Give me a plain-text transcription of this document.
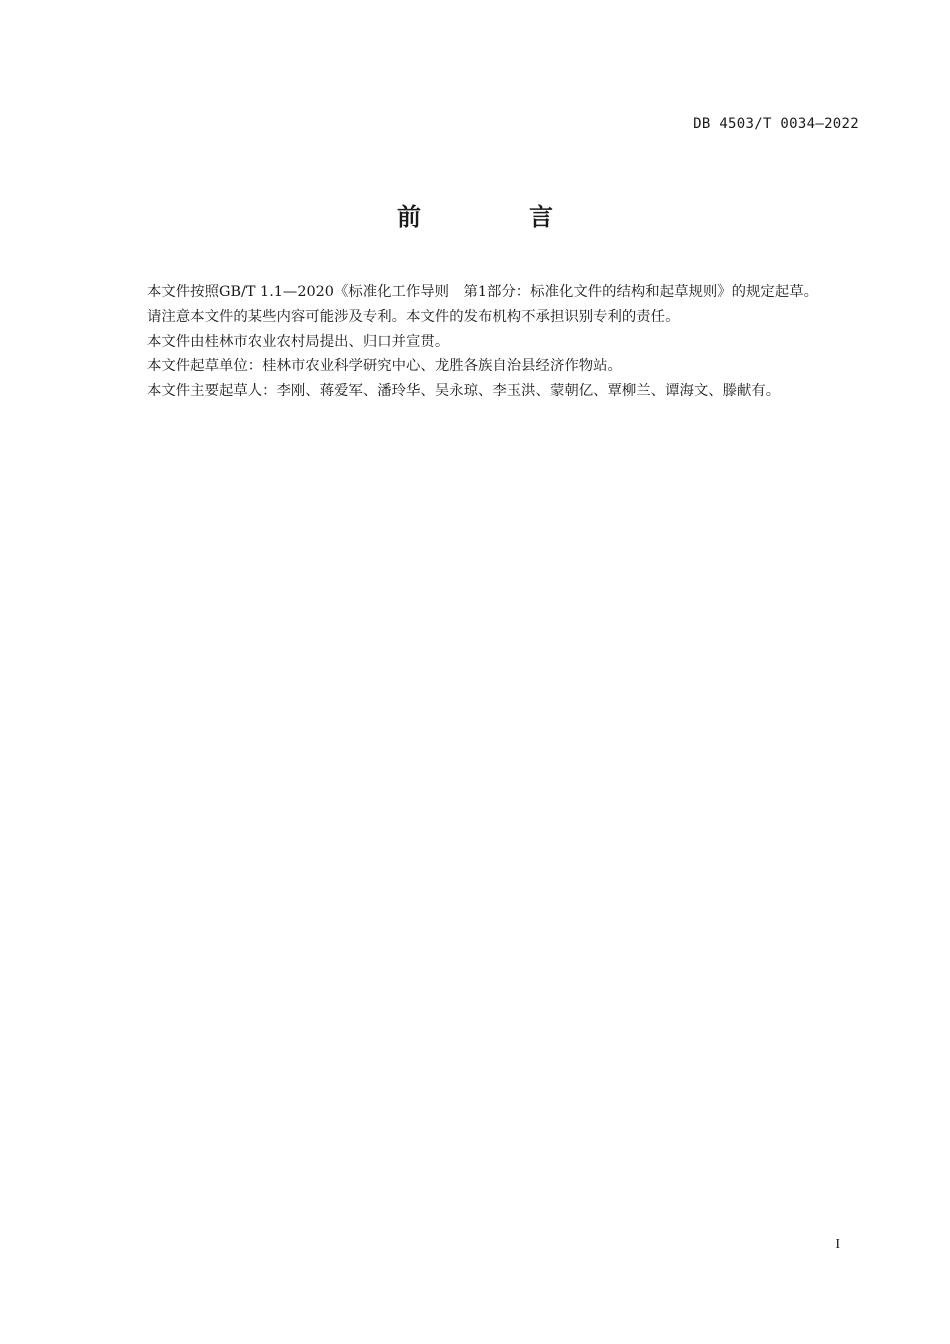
DB 4503/T 0034—2022
前　言

本文件按照GB/T 1.1—2020《标准化工作导则　第1部分：标准化文件的结构和起草规则》的规定起草。

请注意本文件的某些内容可能涉及专利。本文件的发布机构不承担识别专利的责任。

本文件由桂林市农业农村局提出、归口并宣贯。

本文件起草单位：桂林市农业科学研究中心、龙胜各族自治县经济作物站。

本文件主要起草人：李刚、蒋爱军、潘玲华、吴永琼、李玉洪、蒙朝亿、覃柳兰、谭海文、滕献有。

I
